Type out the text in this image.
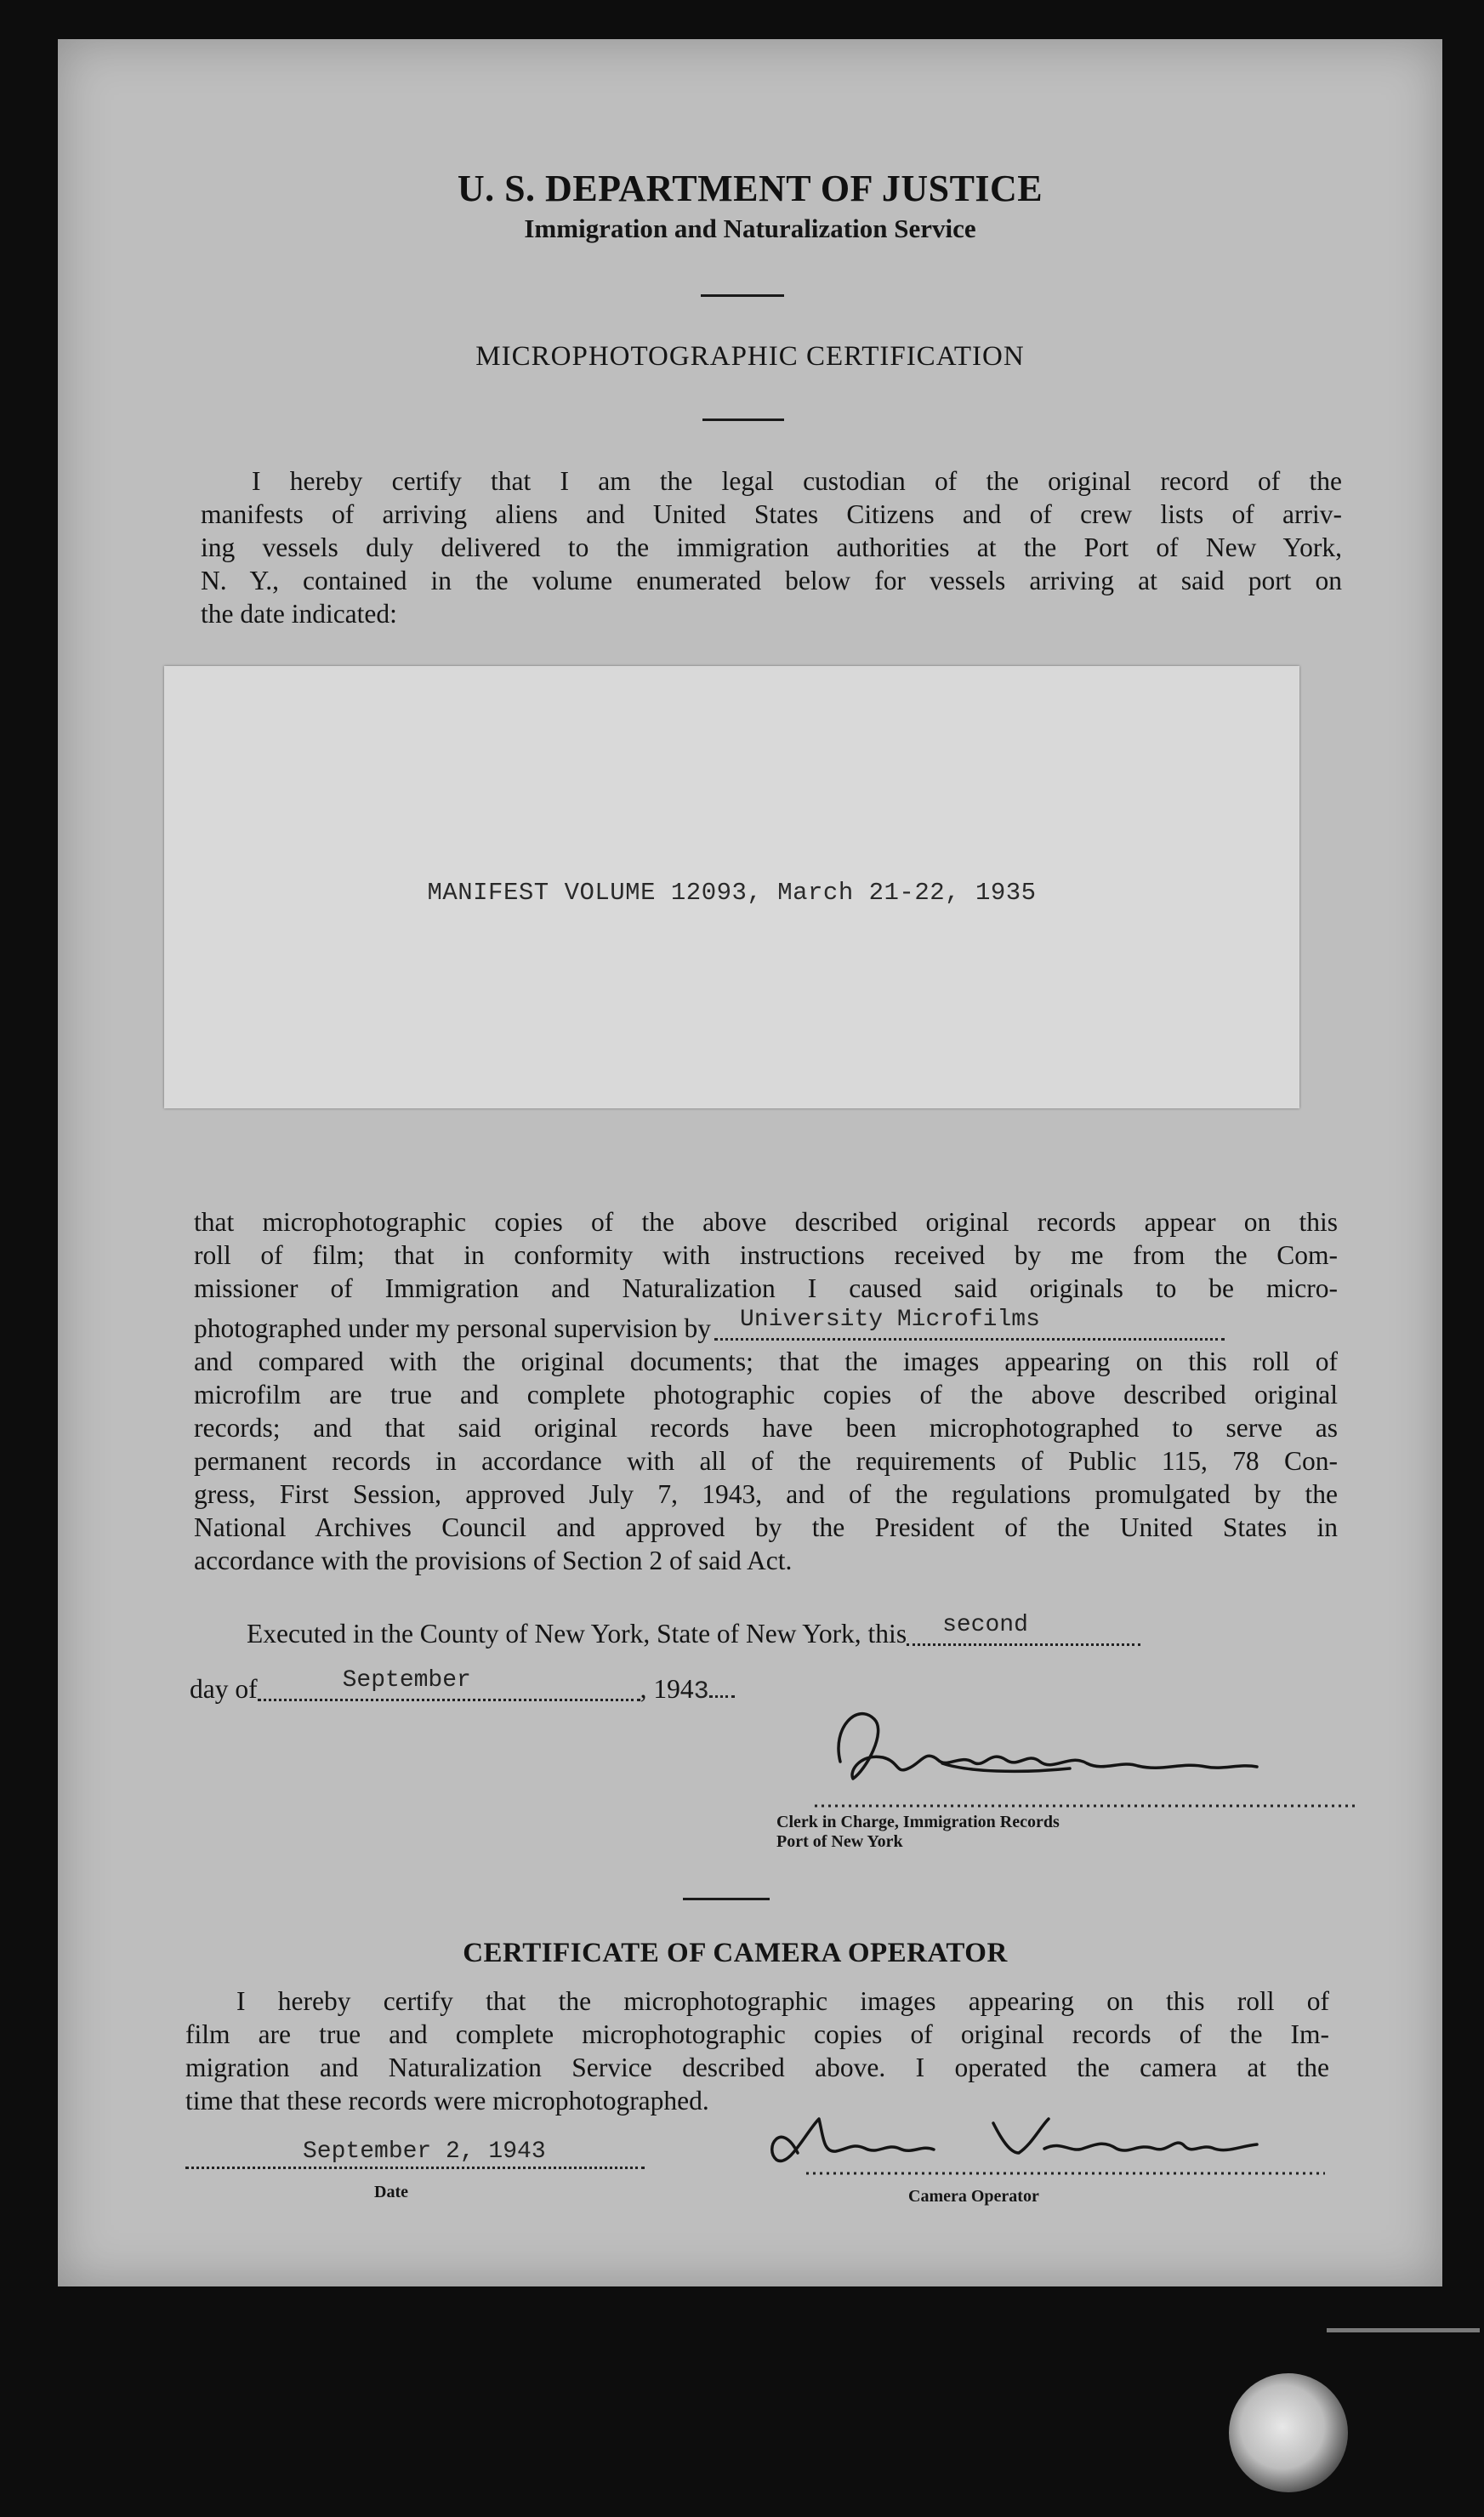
U. S. DEPARTMENT OF JUSTICE
Immigration and Naturalization Service
MICROPHOTOGRAPHIC CERTIFICATION
I hereby certify that I am the legal custodian of the original record of the
manifests of arriving aliens and United States Citizens and of crew lists of arriv-
ing vessels duly delivered to the immigration authorities at the Port of New York,
N. Y., contained in the volume enumerated below for vessels arriving at said port on
the date indicated:
MANIFEST VOLUME 12093, March 21-22, 1935
that microphotographic copies of the above described original records appear on this
roll of film; that in conformity with instructions received by me from the Com-
missioner of Immigration and Naturalization I caused said originals to be micro-
photographed under my personal supervision by University Microfilms
and compared with the original documents; that the images appearing on this roll of
microfilm are true and complete photographic copies of the above described original
records; and that said original records have been microphotographed to serve as
permanent records in accordance with all of the requirements of Public 115, 78 Con-
gress, First Session, approved July 7, 1943, and of the regulations promulgated by the
National Archives Council and approved by the President of the United States in
accordance with the provisions of Section 2 of said Act.
Executed in the County of New York, State of New York, this second
day of	September	, 1943
Clerk in Charge, Immigration Records
Port of New York
CERTIFICATE OF CAMERA OPERATOR
I hereby certify that the microphotographic images appearing on this roll of
film are true and complete microphotographic copies of original records of the Im-
migration and Naturalization Service described above. I operated the camera at the
time that these records were microphotographed.
September 2, 1943
Date	Camera Operator
